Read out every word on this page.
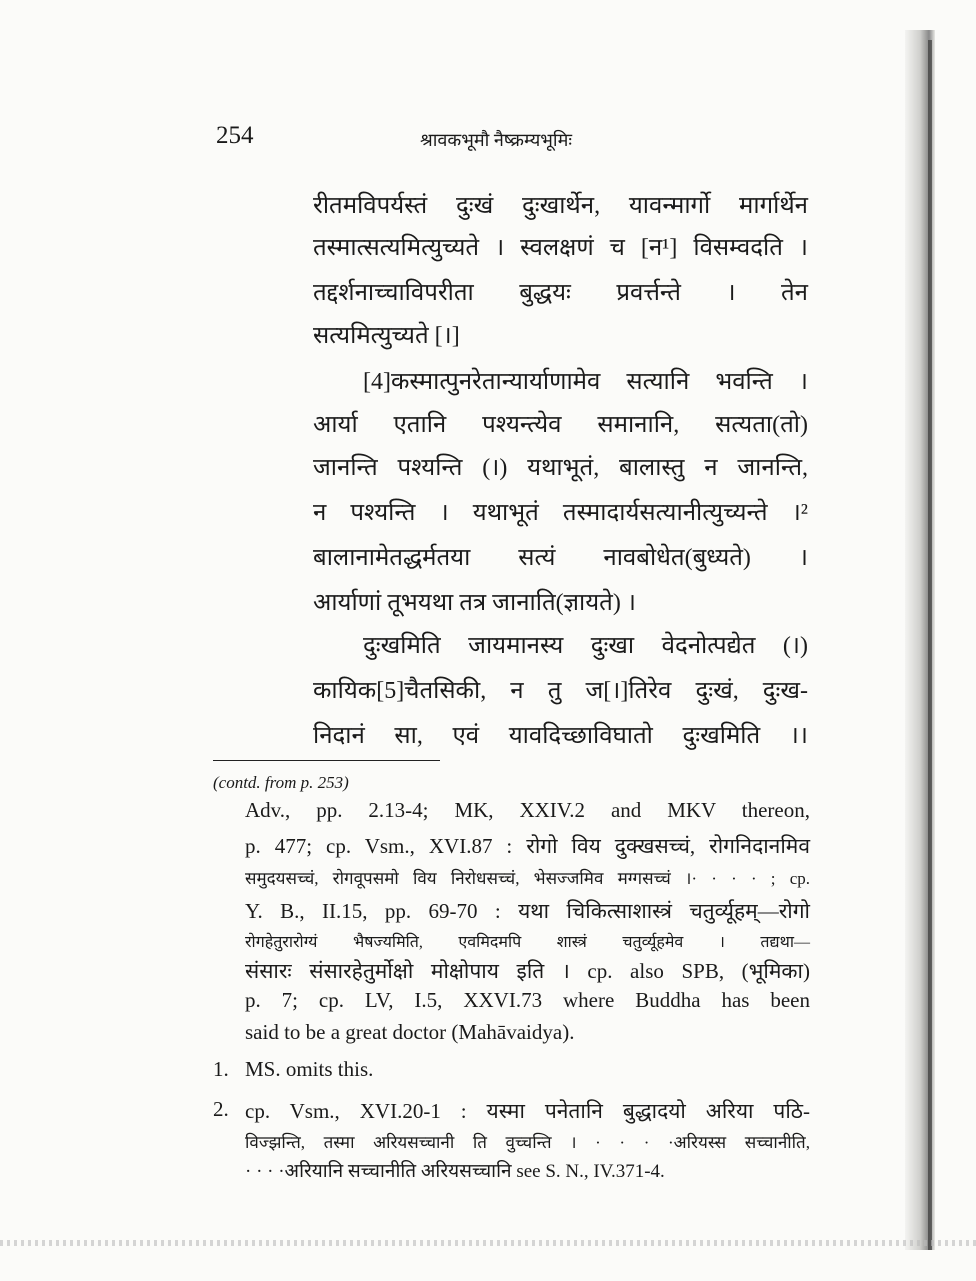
254	श्रावकभूमौ नैष्क्रम्यभूमिः
रीतमविपर्यस्तं दुःखं दुःखार्थेन, यावन्मार्गो मार्गार्थेन
तस्मात्सत्यमित्युच्यते । स्वलक्षणं च [न¹] विसम्वदति ।
तद्दर्शनाच्चाविपरीता बुद्धयः प्रवर्त्तन्ते । तेन
सत्यमित्युच्यते [।]
[4]कस्मात्पुनरेतान्यार्याणामेव सत्यानि भवन्ति ।
आर्या एतानि पश्यन्त्येव समानानि, सत्यता(तो)
जानन्ति पश्यन्ति (।) यथाभूतं, बालास्तु न जानन्ति,
न पश्यन्ति । यथाभूतं तस्मादार्यसत्यानीत्युच्यन्ते ।²
बालानामेतद्धर्मतया सत्यं नावबोधेत(बुध्यते) ।
आर्याणां तूभयथा तत्र जानाति(ज्ञायते) ।
दुःखमिति जायमानस्य दुःखा वेदनोत्पद्येत (।)
कायिक[5]चैतसिकी, न तु ज[।]तिरेव दुःखं, दुःख-
निदानं सा, एवं यावदिच्छाविघातो दुःखमिति ।।
(contd. from p. 253)
Adv., pp. 2.13-4; MK, XXIV.2 and MKV thereon,
p. 477; cp. Vsm., XVI.87 : रोगो विय दुक्खसच्चं, रोगनिदानमिव
समुदयसच्चं, रोगवूपसमो विय निरोधसच्चं, भेसज्जमिव मग्गसच्चं ।· · · · ; cp.
Y. B., II.15, pp. 69-70 : यथा चिकित्साशास्त्रं चतुर्व्यूहम्—रोगो
रोगहेतुरारोग्यं भैषज्यमिति, एवमिदमपि शास्त्रं चतुर्व्यूहमेव । तद्यथा—
संसारः संसारहेतुर्मोक्षो मोक्षोपाय इति । cp. also SPB, (भूमिका)
p. 7; cp. LV, I.5, XXVI.73 where Buddha has been
said to be a great doctor (Mahāvaidya).
1. MS. omits this.
2. cp. Vsm., XVI.20-1 : यस्मा पनेतानि बुद्धादयो अरिया पठि-
विज्झन्ति, तस्मा अरियसच्चानी ति वुच्चन्ति । · · · ·अरियस्स सच्चानीति,
· · · ·अरियानि सच्चानीति अरियसच्चानि see S. N., IV.371-4.
